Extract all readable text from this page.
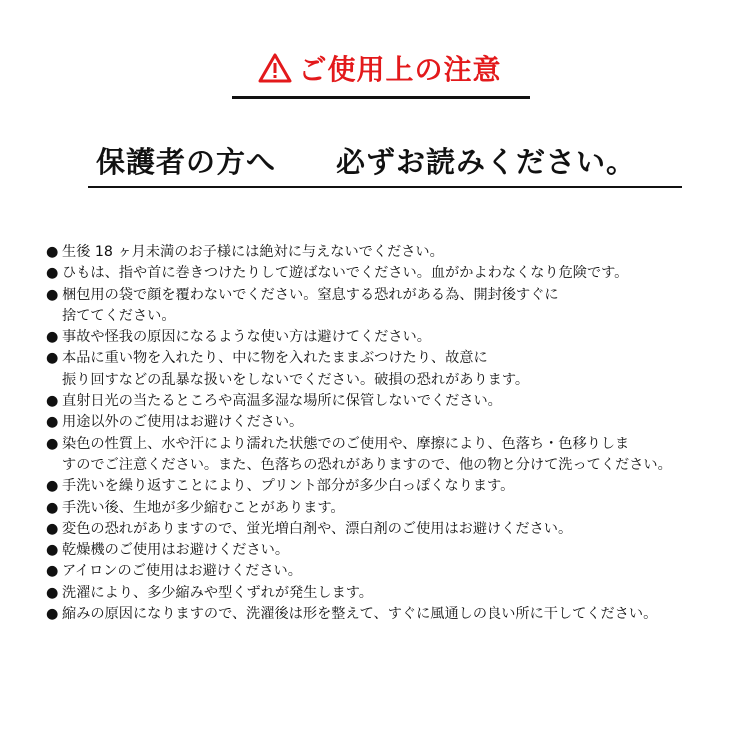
ご使用上の注意
保護者の方へ　　必ずお読みください。
● 生後 18 ヶ月未満のお子様には絶対に与えないでください。
● ひもは、指や首に巻きつけたりして遊ばないでください。血がかよわなくなり危険です。
● 梱包用の袋で顔を覆わないでください。窒息する恐れがある為、開封後すぐに
捨ててください。
● 事故や怪我の原因になるような使い方は避けてください。
● 本品に重い物を入れたり、中に物を入れたままぶつけたり、故意に
振り回すなどの乱暴な扱いをしないでください。破損の恐れがあります。
● 直射日光の当たるところや高温多湿な場所に保管しないでください。
● 用途以外のご使用はお避けください。
● 染色の性質上、水や汗により濡れた状態でのご使用や、摩擦により、色落ち・色移りしま
すのでご注意ください。また、色落ちの恐れがありますので、他の物と分けて洗ってください。
● 手洗いを繰り返すことにより、プリント部分が多少白っぽくなります。
● 手洗い後、生地が多少縮むことがあります。
● 変色の恐れがありますので、蛍光増白剤や、漂白剤のご使用はお避けください。
● 乾燥機のご使用はお避けください。
● アイロンのご使用はお避けください。
● 洗濯により、多少縮みや型くずれが発生します。
● 縮みの原因になりますので、洗濯後は形を整えて、すぐに風通しの良い所に干してください。
